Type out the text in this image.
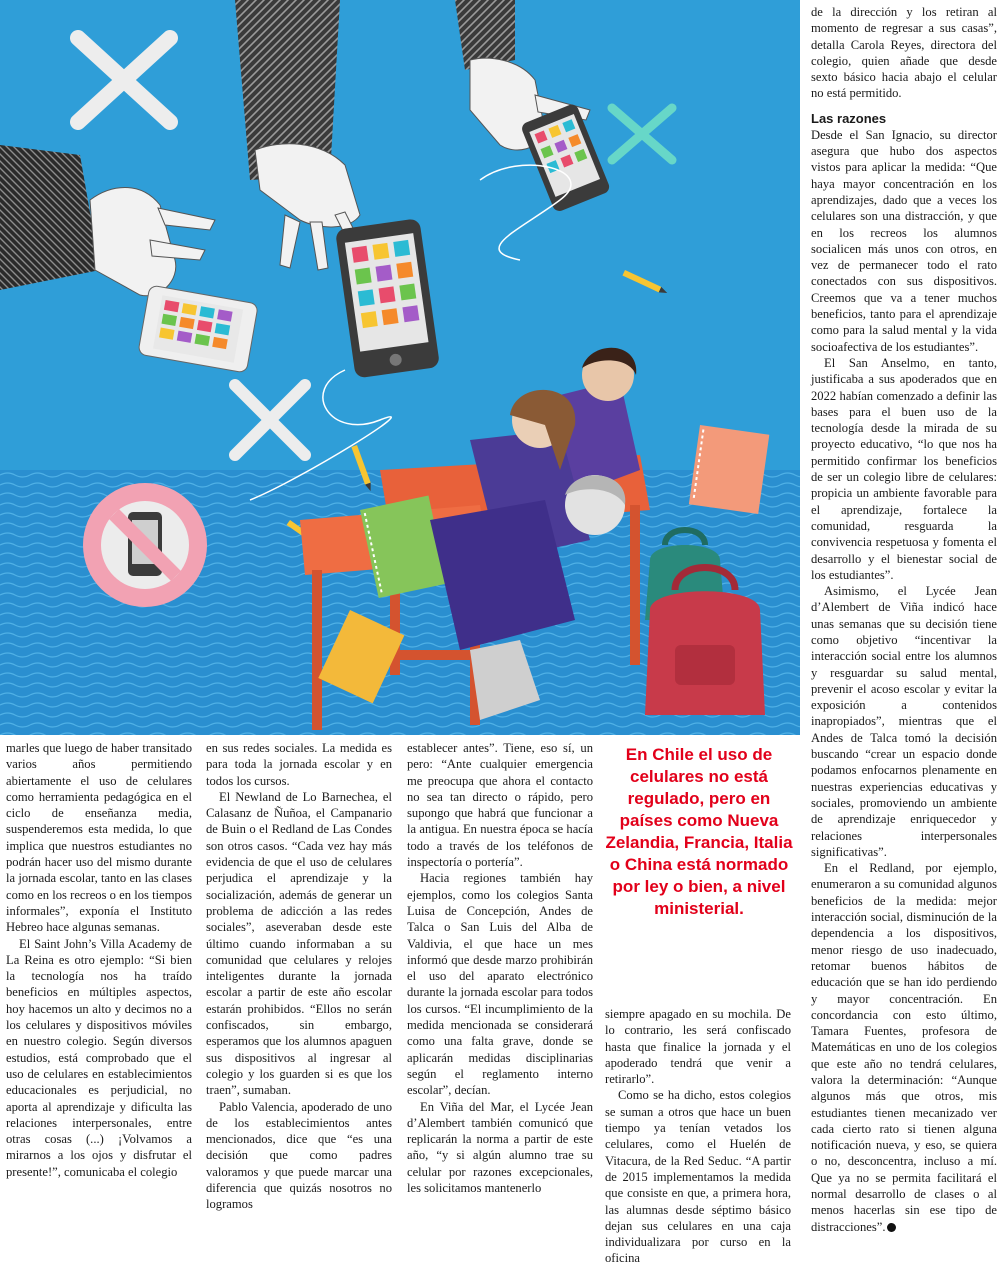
marles que luego de haber transitado varios años permitiendo abiertamente el uso de celulares como herramienta pedagógica en el ciclo de enseñanza media, suspenderemos esta medida, lo que implica que nuestros estudiantes no podrán hacer uso del mismo durante la jornada escolar, tanto en las clases como en los recreos o en los tiempos informales”, exponía el Instituto Hebreo hace algunas semanas.

El Saint John’s Villa Academy de La Reina es otro ejemplo: “Si bien la tecnología nos ha traído beneficios en múltiples aspectos, hoy hacemos un alto y decimos no a los celulares y dispositivos móviles en nuestro colegio. Según diversos estudios, está comprobado que el uso de celulares en establecimientos educacionales es perjudicial, no aporta al aprendizaje y dificulta las relaciones interpersonales, entre otras cosas (...) ¡Volvamos a mirarnos a los ojos y disfrutar el presente!”, comunicaba el colegio

en sus redes sociales. La medida es para toda la jornada escolar y en todos los cursos.

El Newland de Lo Barnechea, el Calasanz de Ñuñoa, el Campanario de Buin o el Redland de Las Condes son otros casos. “Cada vez hay más evidencia de que el uso de celulares perjudica el aprendizaje y la socialización, además de generar un problema de adicción a las redes sociales”, aseveraban desde este último cuando informaban a su comunidad que celulares y relojes inteligentes durante la jornada escolar a partir de este año escolar estarán prohibidos. “Ellos no serán confiscados, sin embargo, esperamos que los alumnos apaguen sus dispositivos al ingresar al colegio y los guarden si es que los traen”, sumaban.

Pablo Valencia, apoderado de uno de los establecimientos antes mencionados, dice que “es una decisión que como padres valoramos y que puede marcar una diferencia que quizás nosotros no logramos

establecer antes”. Tiene, eso sí, un pero: “Ante cualquier emergencia me preocupa que ahora el contacto no sea tan directo o rápido, pero supongo que habrá que funcionar a la antigua. En nuestra época se hacía todo a través de los teléfonos de inspectoría o portería”.

Hacia regiones también hay ejemplos, como los colegios Santa Luisa de Concepción, Andes de Talca o San Luis del Alba de Valdivia, el que hace un mes informó que desde marzo prohibirán el uso del aparato electrónico durante la jornada escolar para todos los cursos. “El incumplimiento de la medida mencionada se considerará como una falta grave, donde se aplicarán medidas disciplinarias según el reglamento interno escolar”, decían.

En Viña del Mar, el Lycée Jean d’Alembert también comunicó que replicarán la norma a partir de este año, “y si algún alumno trae su celular por razones excepcionales, les solicitamos mantenerlo

En Chile el uso de celulares no está regulado, pero en países como Nueva Zelandia, Francia, Italia o China está normado por ley o bien, a nivel ministerial.

siempre apagado en su mochila. De lo contrario, les será confiscado hasta que finalice la jornada y el apoderado tendrá que venir a retirarlo”.

Como se ha dicho, estos colegios se suman a otros que hace un buen tiempo ya tenían vetados los celulares, como el Huelén de Vitacura, de la Red Seduc. “A partir de 2015 implementamos la medida que consiste en que, a primera hora, las alumnas desde séptimo básico dejan sus celulares en una caja individualizara por curso en la oficina

de la dirección y los retiran al momento de regresar a sus casas”, detalla Carola Reyes, directora del colegio, quien añade que desde sexto básico hacia abajo el celular no está permitido.

Las razones

Desde el San Ignacio, su director asegura que hubo dos aspectos vistos para aplicar la medida: “Que haya mayor concentración en los aprendizajes, dado que a veces los celulares son una distracción, y que en los recreos los alumnos socialicen más unos con otros, en vez de permanecer todo el rato conectados con sus dispositivos. Creemos que va a tener muchos beneficios, tanto para el aprendizaje como para la salud mental y la vida socioafectiva de los estudiantes”.

El San Anselmo, en tanto, justificaba a sus apoderados que en 2022 habían comenzado a definir las bases para el buen uso de la tecnología desde la mirada de su proyecto educativo, “lo que nos ha permitido confirmar los beneficios de ser un colegio libre de celulares: propicia un ambiente favorable para el aprendizaje, fortalece la comunidad, resguarda la convivencia respetuosa y fomenta el desarrollo y el bienestar social de los estudiantes”.

Asimismo, el Lycée Jean d’Alembert de Viña indicó hace unas semanas que su decisión tiene como objetivo “incentivar la interacción social entre los alumnos y resguardar su salud mental, prevenir el acoso escolar y evitar la exposición a contenidos inapropiados”, mientras que el Andes de Talca tomó la decisión buscando “crear un espacio donde podamos enfocarnos plenamente en nuestras experiencias educativas y sociales, promoviendo un ambiente de aprendizaje enriquecedor y relaciones interpersonales significativas”.

En el Redland, por ejemplo, enumeraron a su comunidad algunos beneficios de la medida: mejor interacción social, disminución de la dependencia a los dispositivos, menor riesgo de uso inadecuado, retomar buenos hábitos de educación que se han ido perdiendo y mayor concentración. En concordancia con esto último, Tamara Fuentes, profesora de Matemáticas en uno de los colegios que este año no tendrá celulares, valora la determinación: “Aunque algunos más que otros, mis estudiantes tienen mecanizado ver cada cierto rato si tienen alguna notificación nueva, y eso, se quiera o no, desconcentra, incluso a mí. Que ya no se permita facilitará el normal desarrollo de clases o al menos hacerlas sin ese tipo de distracciones”.
